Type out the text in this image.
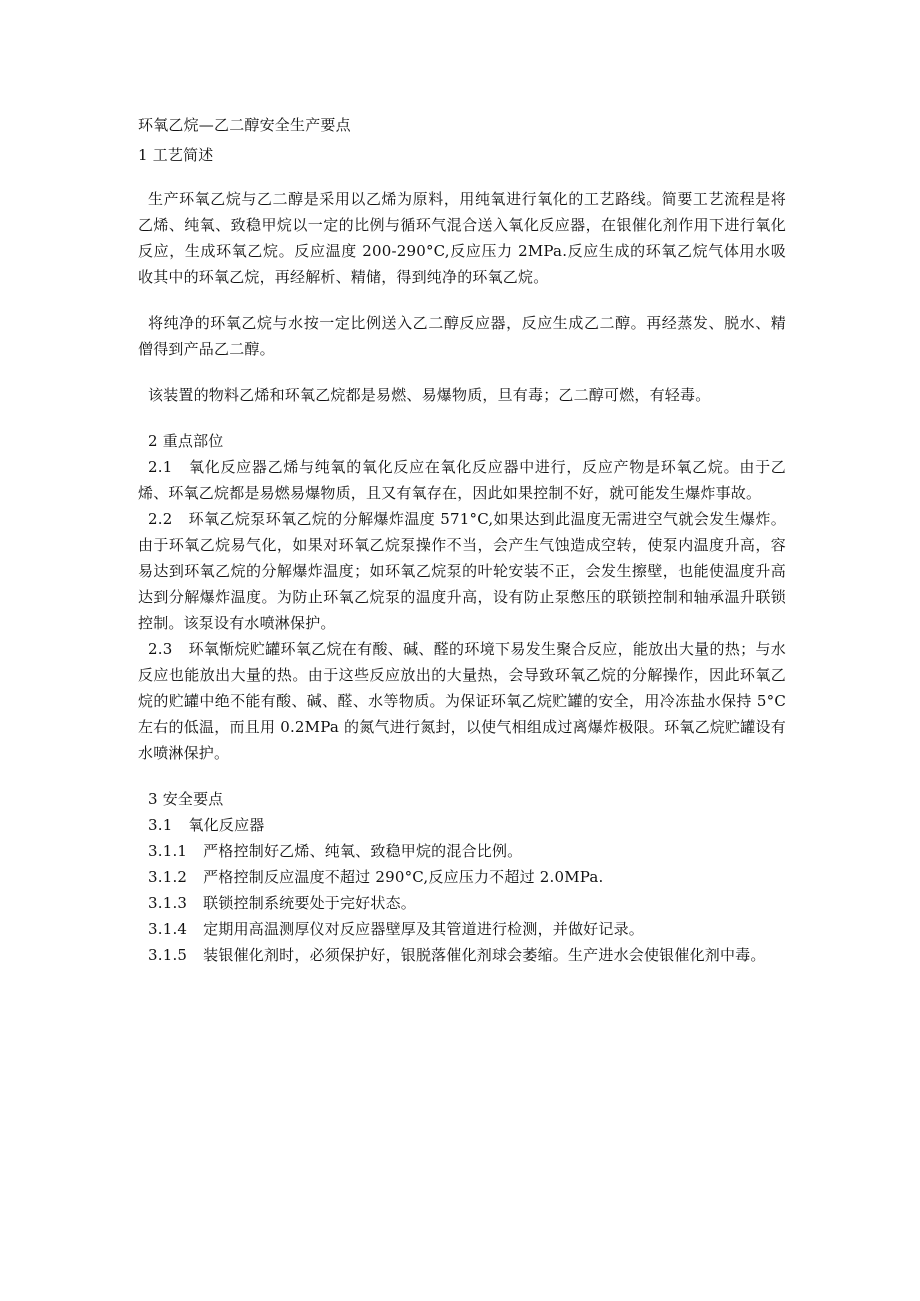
环氧乙烷—乙二醇安全生产要点

1 工艺简述

生产环氧乙烷与乙二醇是采用以乙烯为原料，用纯氧进行氧化的工艺路线。简要工艺流程是将乙烯、纯氧、致稳甲烷以一定的比例与循环气混合送入氧化反应器，在银催化剂作用下进行氧化反应，生成环氧乙烷。反应温度 200-290°C,反应压力 2MPa.反应生成的环氧乙烷气体用水吸收其中的环氧乙烷，再经解析、精储，得到纯净的环氧乙烷。

将纯净的环氧乙烷与水按一定比例送入乙二醇反应器，反应生成乙二醇。再经蒸发、脱水、精僧得到产品乙二醇。

该装置的物料乙烯和环氧乙烷都是易燃、易爆物质，旦有毒；乙二醇可燃，有轻毒。

2 重点部位

2.1 氧化反应器乙烯与纯氧的氧化反应在氧化反应器中进行，反应产物是环氧乙烷。由于乙烯、环氧乙烷都是易燃易爆物质，且又有氧存在，因此如果控制不好，就可能发生爆炸事故。

2.2 环氧乙烷泵环氧乙烷的分解爆炸温度 571°C,如果达到此温度无需进空气就会发生爆炸。由于环氧乙烷易气化，如果对环氧乙烷泵操作不当，会产生气蚀造成空转，使泵内温度升高，容易达到环氧乙烷的分解爆炸温度；如环氧乙烷泵的叶轮安装不正，会发生擦壁，也能使温度升高达到分解爆炸温度。为防止环氧乙烷泵的温度升高，设有防止泵憋压的联锁控制和轴承温升联锁控制。该泵设有水喷淋保护。

2.3 环氧惭烷贮罐环氧乙烷在有酸、碱、醛的环境下易发生聚合反应，能放出大量的热；与水反应也能放出大量的热。由于这些反应放出的大量热，会导致环氧乙烷的分解操作，因此环氧乙烷的贮罐中绝不能有酸、碱、醛、水等物质。为保证环氧乙烷贮罐的安全，用冷冻盐水保持 5°C 左右的低温，而且用 0.2MPa 的氮气进行氮封，以使气相组成过离爆炸极限。环氧乙烷贮罐设有水喷淋保护。

3 安全要点

3.1 氧化反应器

3.1.1 严格控制好乙烯、纯氧、致稳甲烷的混合比例。

3.1.2 严格控制反应温度不超过 290°C,反应压力不超过 2.0MPa.

3.1.3 联锁控制系统要处于完好状态。

3.1.4 定期用高温测厚仪对反应器壁厚及其管道进行检测，并做好记录。

3.1.5 装银催化剂时，必须保护好，银脱落催化剂球会萎缩。生产进水会使银催化剂中毒。
